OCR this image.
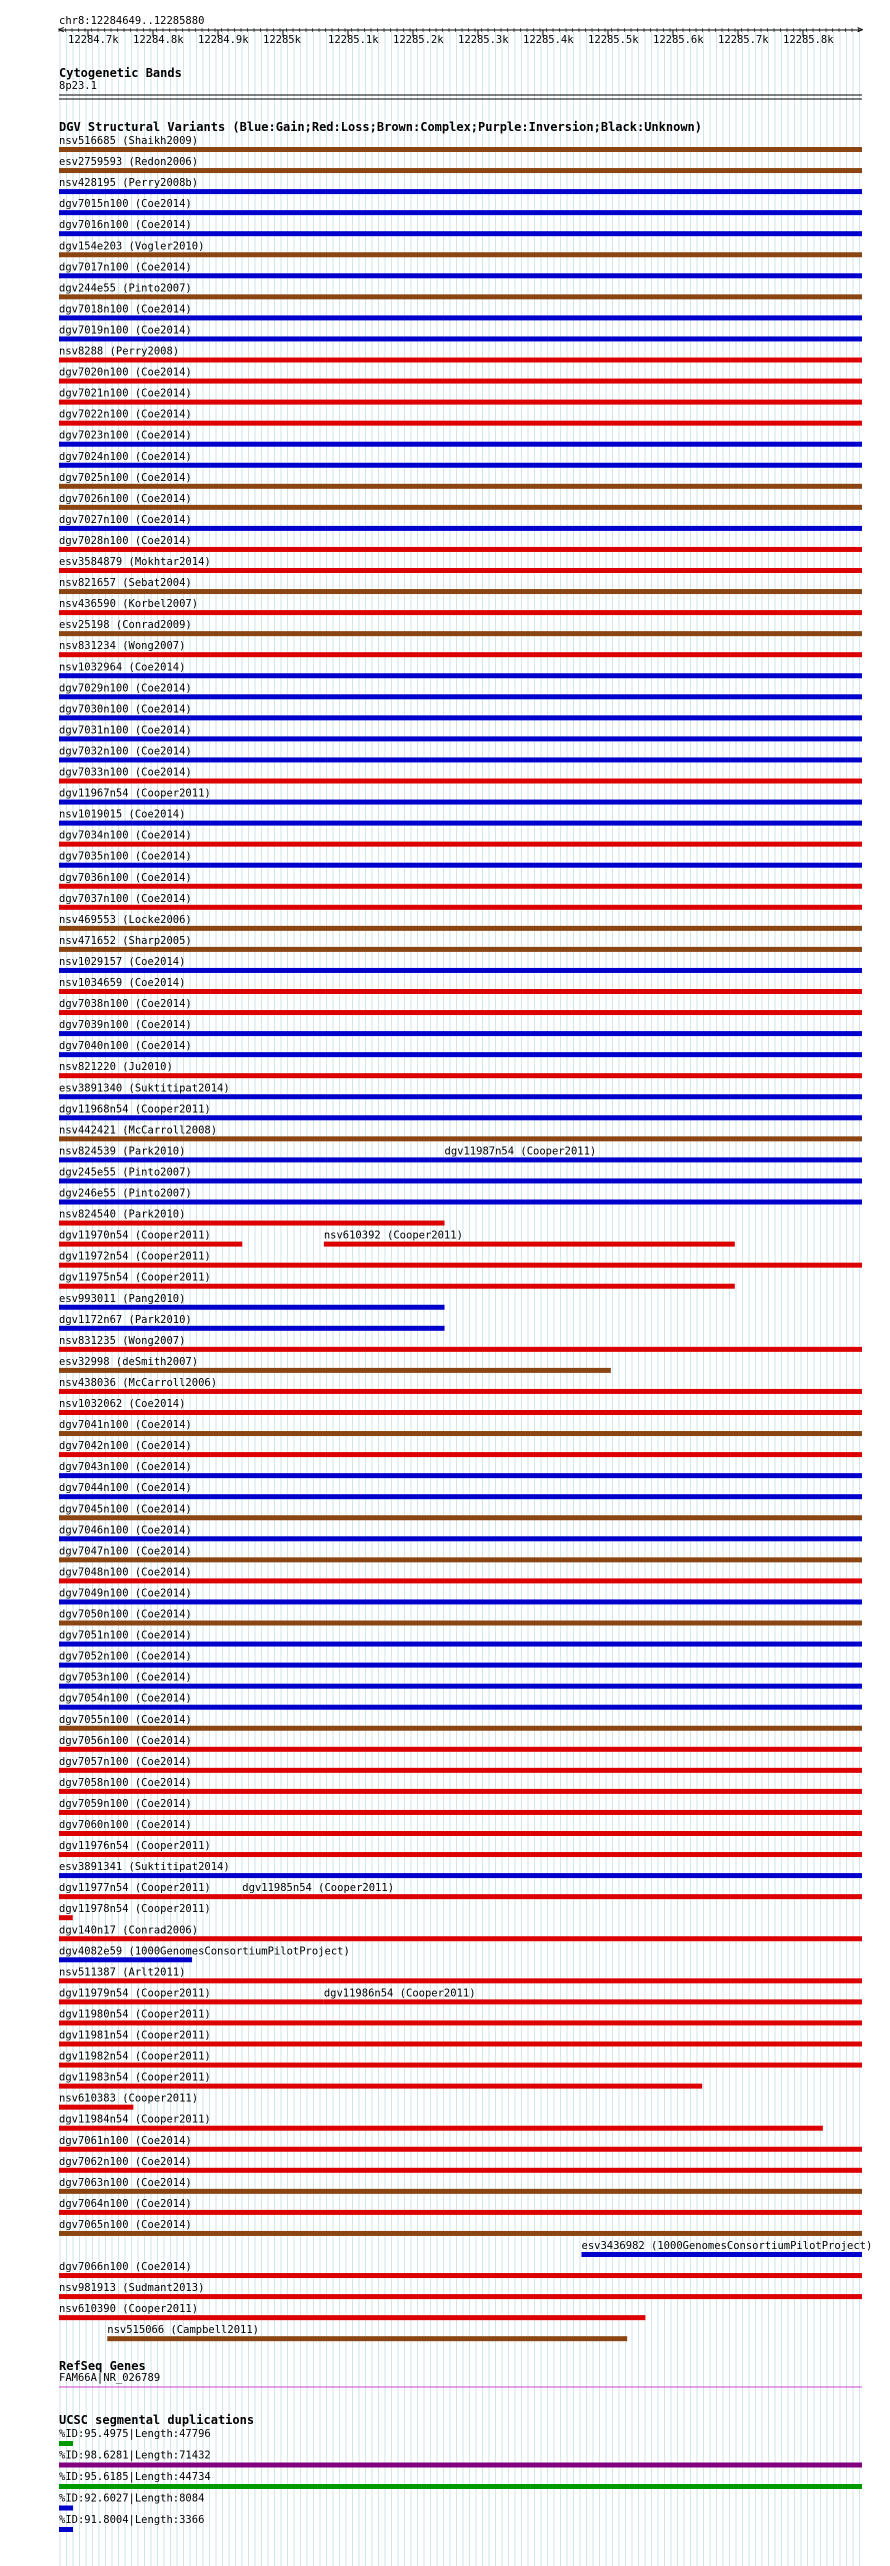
chr8:12284649..12285880
<	>
12284.7k 12284.8k 12284.9k 12285k	12285.1k 12285.2k 12285.3k 12285.4k 12285.5k 12285.6k 12285.7k 12285.8k
Cytogenetic Bands
8p23.1
DGV Structural Variants (Blue:Gain;Red:Loss;Brown:Complex;Purple:Inversion;Black:Unknown)
nsv516685 (Shaikh2009)
esv2759593 (Redon2006)
nsv428195 (Perry2008b)
dgv7015n100 (Coe2014)
dgv7016n100 (Coe2014)
dgv154e203 (Vogler2010)
dgv7017n100 (Coe2014)
dgv244e55 (Pinto2007)
dgv7018n100 (Coe2014)
dgv7019n100 (Coe2014)
nsv8288 (Perry2008)
dgv7020n100 (Coe2014)
dgv7021n100 (Coe2014)
dgv7022n100 (Coe2014)
dgv7023n100 (Coe2014)
dgv7024n100 (Coe2014)
dgv7025n100 (Coe2014)
dgv7026n100 (Coe2014)
dgv7027n100 (Coe2014)
dgv7028n100 (Coe2014)
esv3584879 (Mokhtar2014)
nsv821657 (Sebat2004)
nsv436590 (Korbel2007)
esv25198 (Conrad2009)
nsv831234 (Wong2007)
nsv1032964 (Coe2014)
dgv7029n100 (Coe2014)
dgv7030n100 (Coe2014)
dgv7031n100 (Coe2014)
dgv7032n100 (Coe2014)
dgv7033n100 (Coe2014)
dgv11967n54 (Cooper2011)
nsv1019015 (Coe2014)
dgv7034n100 (Coe2014)
dgv7035n100 (Coe2014)
dgv7036n100 (Coe2014)
dgv7037n100 (Coe2014)
nsv469553 (Locke2006)
nsv471652 (Sharp2005)
nsv1029157 (Coe2014)
nsv1034659 (Coe2014)
dgv7038n100 (Coe2014)
dgv7039n100 (Coe2014)
dgv7040n100 (Coe2014)
nsv821220 (Ju2010)
esv3891340 (Suktitipat2014)
dgv11968n54 (Cooper2011)
nsv442421 (McCarroll2008)
nsv824539 (Park2010)	dgv11987n54 (Cooper2011)
dgv245e55 (Pinto2007)
dgv246e55 (Pinto2007)
nsv824540 (Park2010)
dgv11970n54 (Cooper2011)	nsv610392 (Cooper2011)
dgv11972n54 (Cooper2011)
dgv11975n54 (Cooper2011)
esv993011 (Pang2010)
dgv1172n67 (Park2010)
nsv831235 (Wong2007)
esv32998 (deSmith2007)
nsv438036 (McCarroll2006)
nsv1032062 (Coe2014)
dgv7041n100 (Coe2014)
dgv7042n100 (Coe2014)
dgv7043n100 (Coe2014)
dgv7044n100 (Coe2014)
dgv7045n100 (Coe2014)
dgv7046n100 (Coe2014)
dgv7047n100 (Coe2014)
dgv7048n100 (Coe2014)
dgv7049n100 (Coe2014)
dgv7050n100 (Coe2014)
dgv7051n100 (Coe2014)
dgv7052n100 (Coe2014)
dgv7053n100 (Coe2014)
dgv7054n100 (Coe2014)
dgv7055n100 (Coe2014)
dgv7056n100 (Coe2014)
dgv7057n100 (Coe2014)
dgv7058n100 (Coe2014)
dgv7059n100 (Coe2014)
dgv7060n100 (Coe2014)
dgv11976n54 (Cooper2011)
esv3891341 (Suktitipat2014)
dgv11977n54 (Cooper2011)	dgv11985n54 (Cooper2011)
dgv11978n54 (Cooper2011)
dgv140n17 (Conrad2006)
dgv4082e59 (1000GenomesConsortiumPilotProject)
nsv511387 (Arlt2011)
dgv11979n54 (Cooper2011)	dgv11986n54 (Cooper2011)
dgv11980n54 (Cooper2011)
dgv11981n54 (Cooper2011)
dgv11982n54 (Cooper2011)
dgv11983n54 (Cooper2011)
nsv610383 (Cooper2011)
dgv11984n54 (Cooper2011)
dgv7061n100 (Coe2014)
dgv7062n100 (Coe2014)
dgv7063n100 (Coe2014)
dgv7064n100 (Coe2014)
dgv7065n100 (Coe2014)
esv3436982 (1000GenomesConsortiumPilotProject)
dgv7066n100 (Coe2014)
nsv981913 (Sudmant2013)
nsv610390 (Cooper2011)
nsv515066 (Campbell2011)
RefSeq Genes
FAM66A|NR_026789
UCSC segmental duplications
%ID:95.4975|Length:47796
%ID:98.6281|Length:71432
%ID:95.6185|Length:44734
%ID:92.6027|Length:8084
%ID:91.8004|Length:3366
